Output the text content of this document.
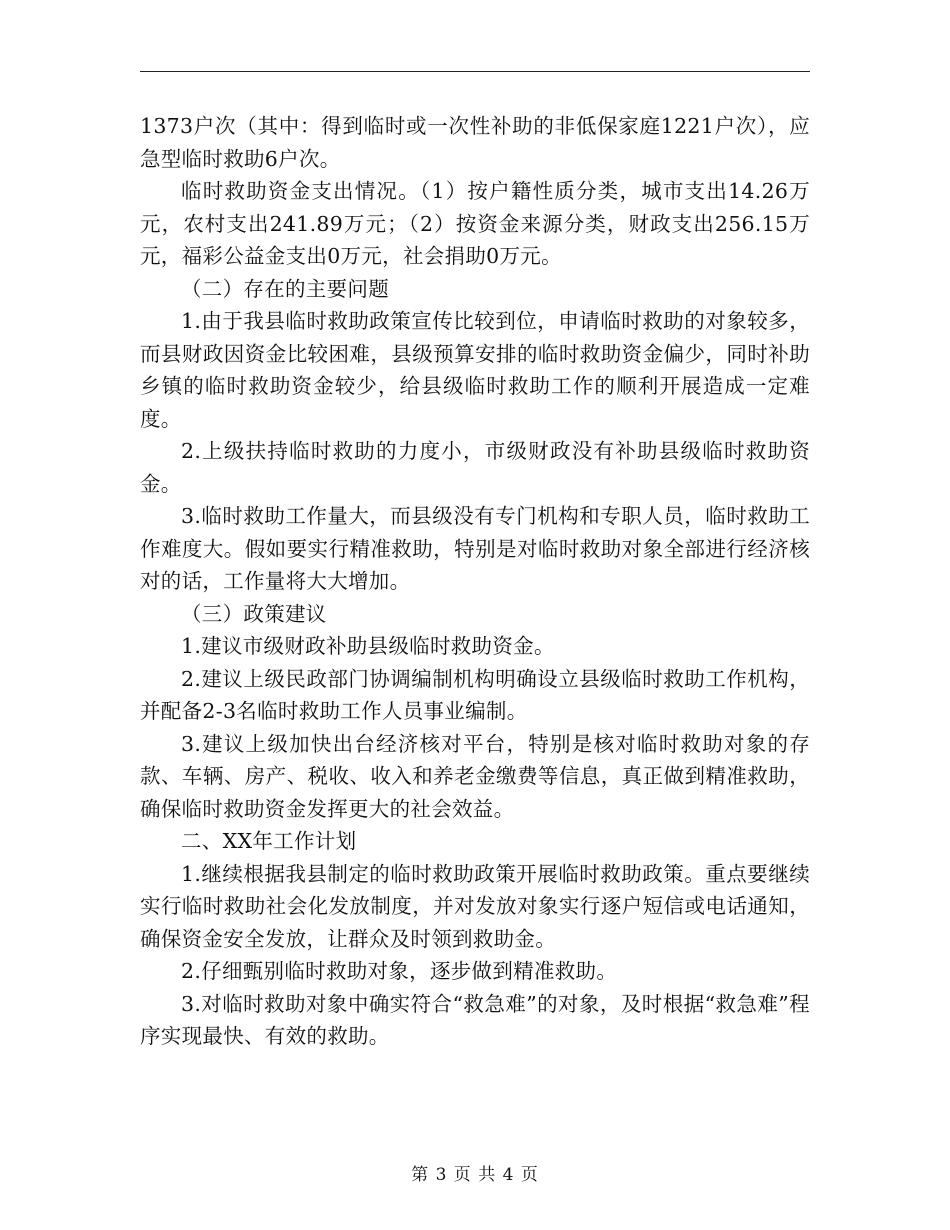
1373户次（其中：得到临时或一次性补助的非低保家庭1221户次），应急型临时救助6户次。

临时救助资金支出情况。（1）按户籍性质分类，城市支出14.26万元，农村支出241.89万元；（2）按资金来源分类，财政支出256.15万元，福彩公益金支出0万元，社会捐助0万元。

（二）存在的主要问题

1.由于我县临时救助政策宣传比较到位，申请临时救助的对象较多，而县财政因资金比较困难，县级预算安排的临时救助资金偏少，同时补助乡镇的临时救助资金较少，给县级临时救助工作的顺利开展造成一定难度。

2.上级扶持临时救助的力度小，市级财政没有补助县级临时救助资金。

3.临时救助工作量大，而县级没有专门机构和专职人员，临时救助工作难度大。假如要实行精准救助，特别是对临时救助对象全部进行经济核对的话，工作量将大大增加。

（三）政策建议

1.建议市级财政补助县级临时救助资金。

2.建议上级民政部门协调编制机构明确设立县级临时救助工作机构，并配备2-3名临时救助工作人员事业编制。

3.建议上级加快出台经济核对平台，特别是核对临时救助对象的存款、车辆、房产、税收、收入和养老金缴费等信息，真正做到精准救助，确保临时救助资金发挥更大的社会效益。

二、XX年工作计划

1.继续根据我县制定的临时救助政策开展临时救助政策。重点要继续实行临时救助社会化发放制度，并对发放对象实行逐户短信或电话通知，确保资金安全发放，让群众及时领到救助金。

2.仔细甄别临时救助对象，逐步做到精准救助。

3.对临时救助对象中确实符合“救急难”的对象，及时根据“救急难”程序实现最快、有效的救助。

第 3 页 共 4 页
